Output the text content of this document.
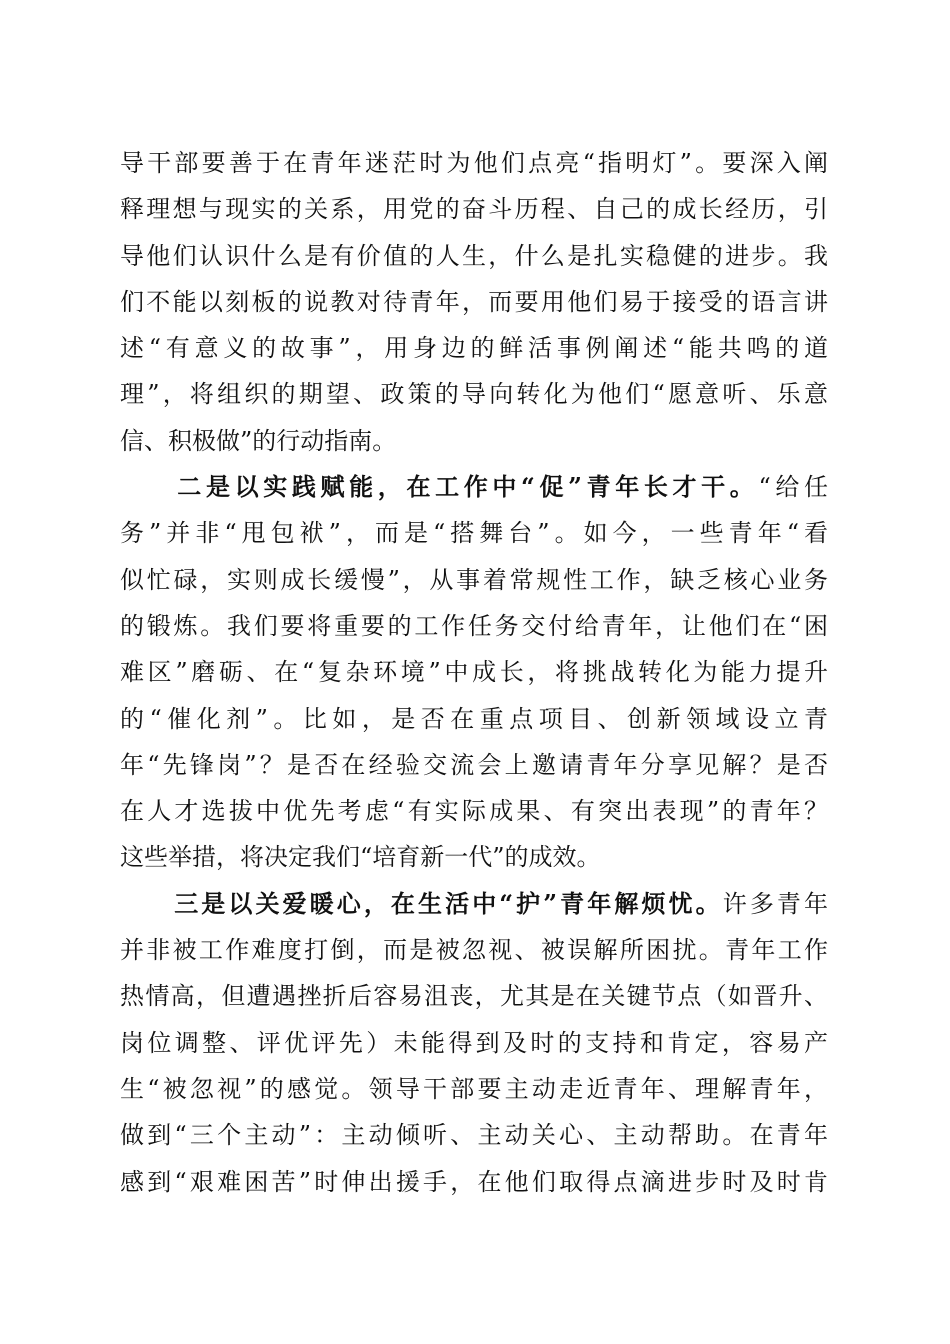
导干部要善于在青年迷茫时为他们点亮“指明灯”。要深入阐
释理想与现实的关系，用党的奋斗历程、自己的成长经历，引
导他们认识什么是有价值的人生，什么是扎实稳健的进步。我
们不能以刻板的说教对待青年，而要用他们易于接受的语言讲
述“有意义的故事”，用身边的鲜活事例阐述“能共鸣的道
理”，将组织的期望、政策的导向转化为他们“愿意听、乐意
信、积极做”的行动指南。
　　二是以实践赋能，在工作中“促”青年长才干。“给任
务”并非“甩包袱”，而是“搭舞台”。如今，一些青年“看
似忙碌，实则成长缓慢”，从事着常规性工作，缺乏核心业务
的锻炼。我们要将重要的工作任务交付给青年，让他们在“困
难区”磨砺、在“复杂环境”中成长，将挑战转化为能力提升
的“催化剂”。比如，是否在重点项目、创新领域设立青
年“先锋岗”？是否在经验交流会上邀请青年分享见解？是否
在人才选拔中优先考虑“有实际成果、有突出表现”的青年？
这些举措，将决定我们“培育新一代”的成效。
　　三是以关爱暖心，在生活中“护”青年解烦忧。许多青年
并非被工作难度打倒，而是被忽视、被误解所困扰。青年工作
热情高，但遭遇挫折后容易沮丧，尤其是在关键节点（如晋升、
岗位调整、评优评先）未能得到及时的支持和肯定，容易产
生“被忽视”的感觉。领导干部要主动走近青年、理解青年，
做到“三个主动”：主动倾听、主动关心、主动帮助。在青年
感到“艰难困苦”时伸出援手，在他们取得点滴进步时及时肯
